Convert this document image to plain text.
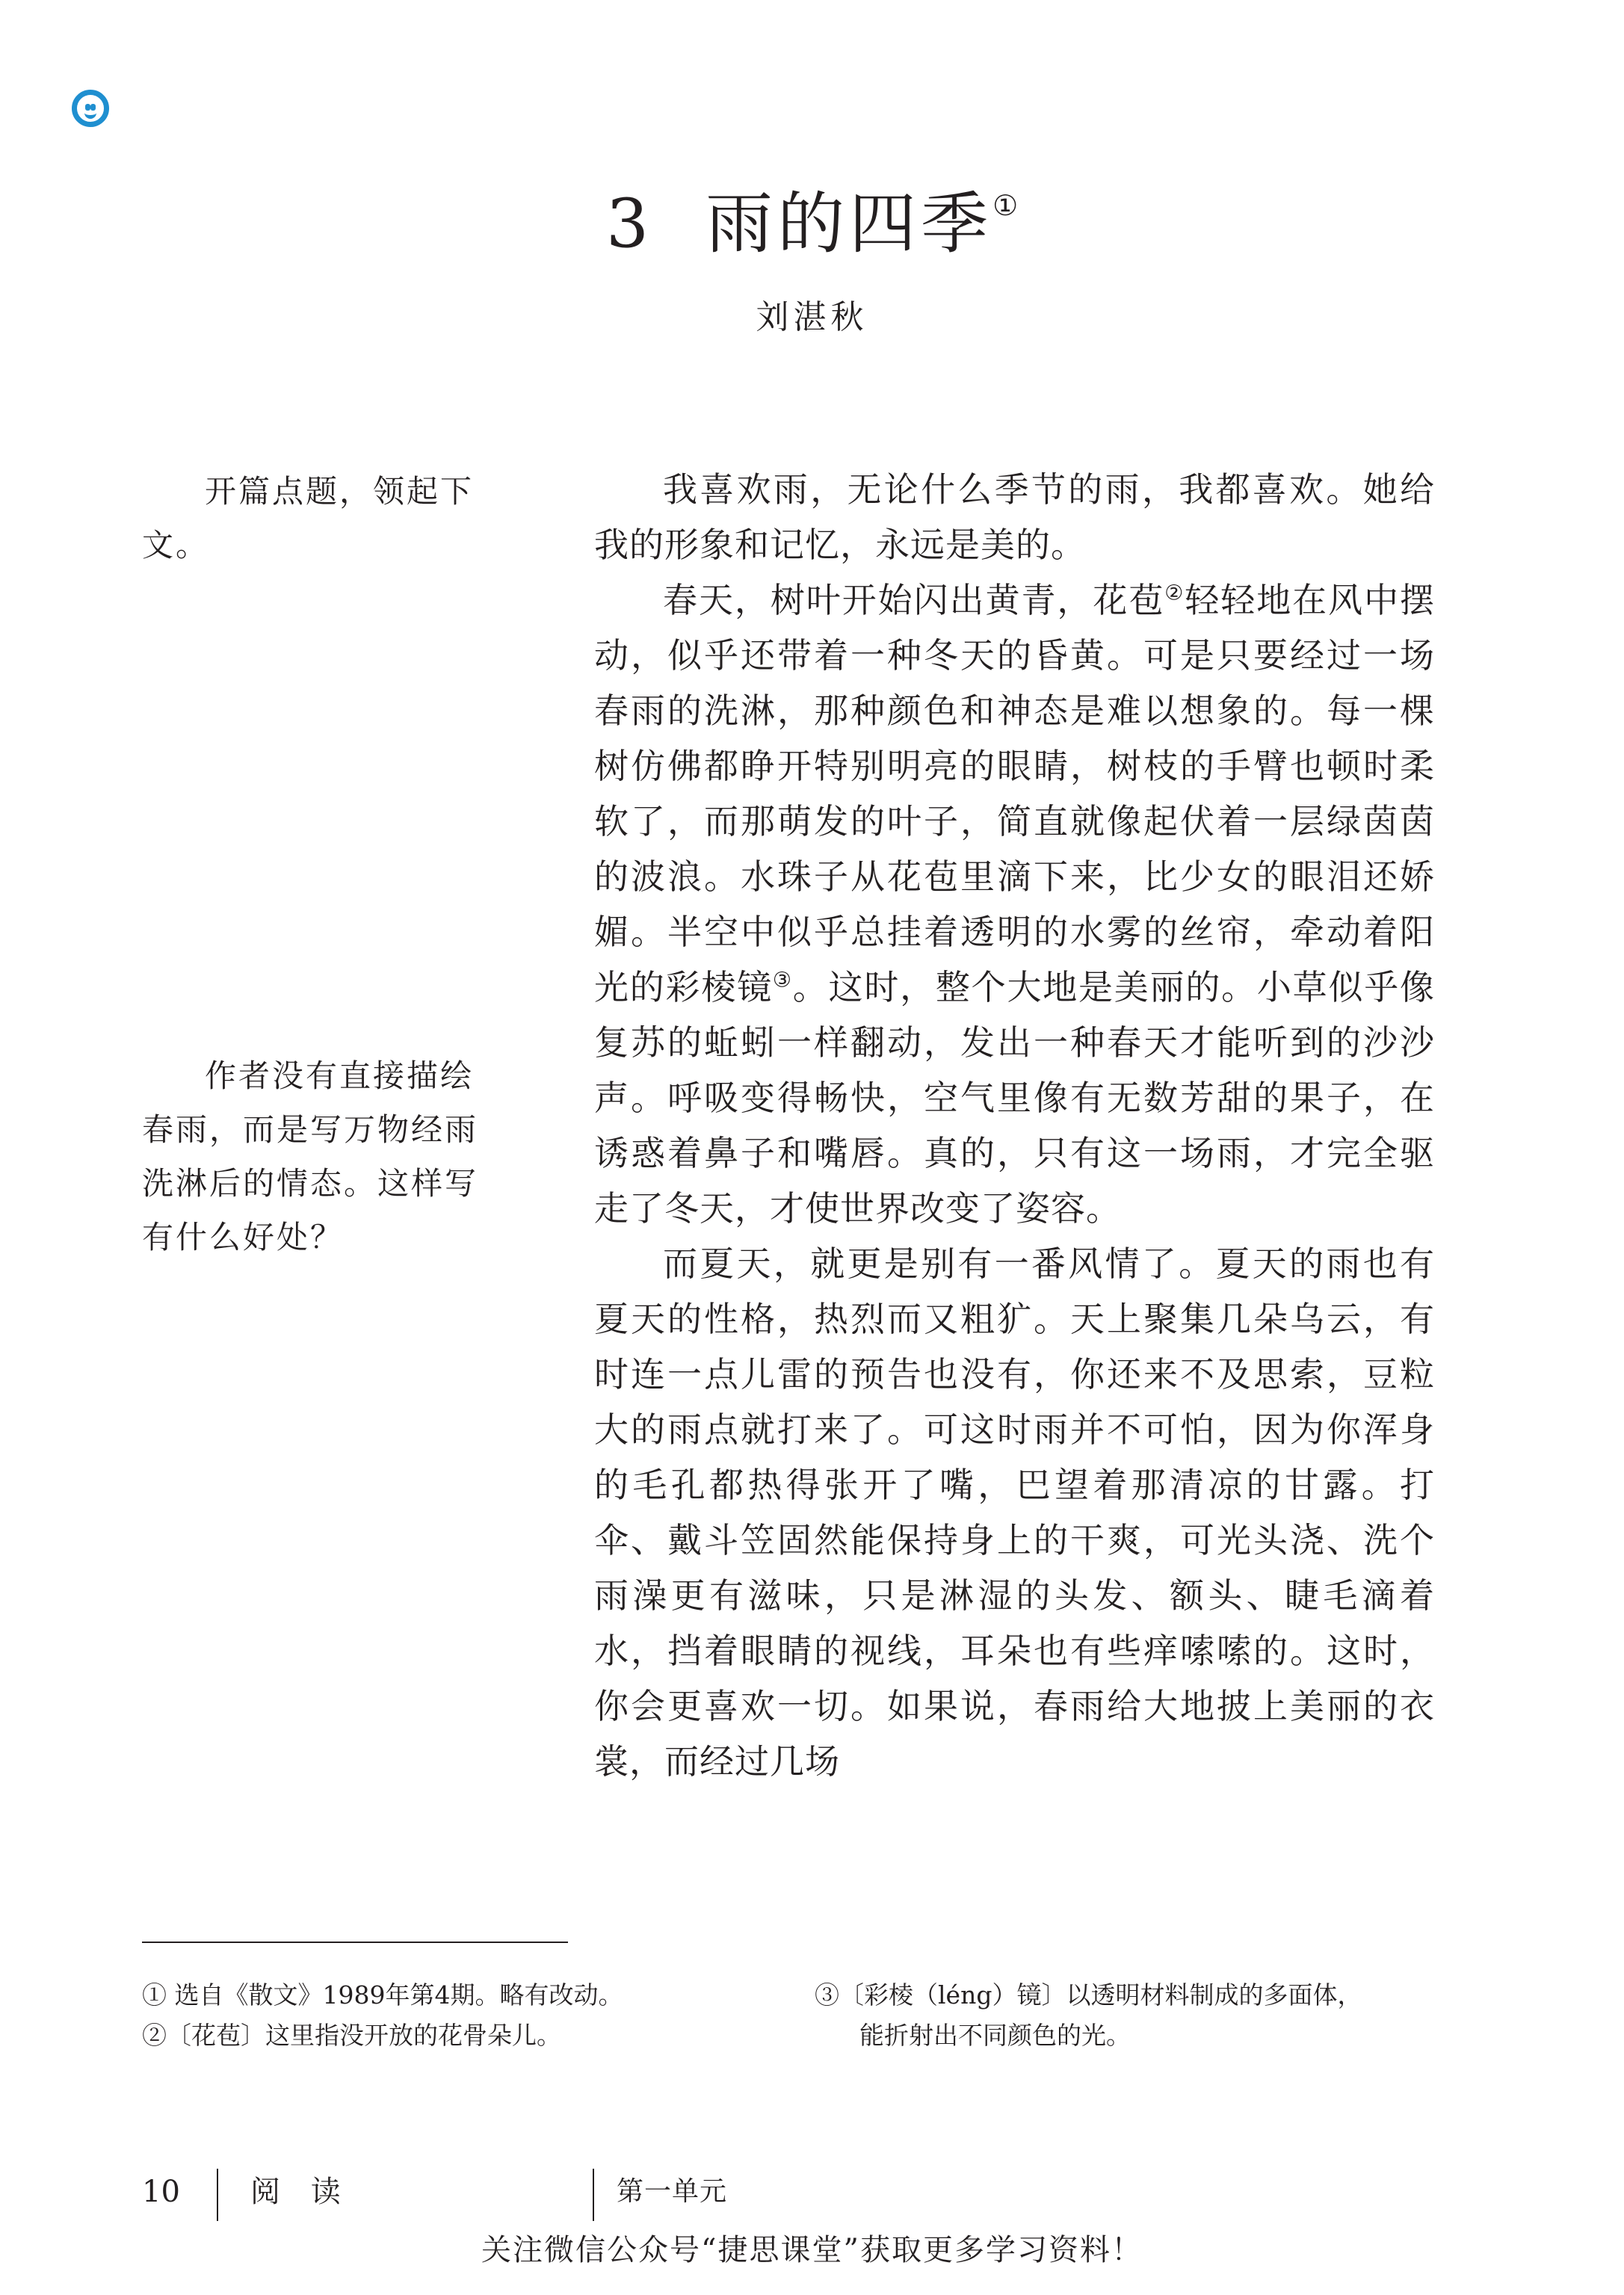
3 雨的四季①
刘湛秋

开篇点题，领起下文。

作者没有直接描绘春雨，而是写万物经雨洗淋后的情态。这样写有什么好处？

我喜欢雨，无论什么季节的雨，我都喜欢。她给我的形象和记忆，永远是美的。

春天，树叶开始闪出黄青，花苞②轻轻地在风中摆动，似乎还带着一种冬天的昏黄。可是只要经过一场春雨的洗淋，那种颜色和神态是难以想象的。每一棵树仿佛都睁开特别明亮的眼睛，树枝的手臂也顿时柔软了，而那萌发的叶子，简直就像起伏着一层绿茵茵的波浪。水珠子从花苞里滴下来，比少女的眼泪还娇媚。半空中似乎总挂着透明的水雾的丝帘，牵动着阳光的彩棱镜③。这时，整个大地是美丽的。小草似乎像复苏的蚯蚓一样翻动，发出一种春天才能听到的沙沙声。呼吸变得畅快，空气里像有无数芳甜的果子，在诱惑着鼻子和嘴唇。真的，只有这一场雨，才完全驱走了冬天，才使世界改变了姿容。

而夏天，就更是别有一番风情了。夏天的雨也有夏天的性格，热烈而又粗犷。天上聚集几朵乌云，有时连一点儿雷的预告也没有，你还来不及思索，豆粒大的雨点就打来了。可这时雨并不可怕，因为你浑身的毛孔都热得张开了嘴，巴望着那清凉的甘露。打伞、戴斗笠固然能保持身上的干爽，可光头浇、洗个雨澡更有滋味，只是淋湿的头发、额头、睫毛滴着水，挡着眼睛的视线，耳朵也有些痒嗦嗦的。这时，你会更喜欢一切。如果说，春雨给大地披上美丽的衣裳，而经过几场

① 选自《散文》1989年第4期。略有改动。
②〔花苞〕这里指没开放的花骨朵儿。
③〔彩棱（léng）镜〕以透明材料制成的多面体，
能折射出不同颜色的光。
10 阅 读	第一单元
关注微信公众号“捷思课堂”获取更多学习资料！
